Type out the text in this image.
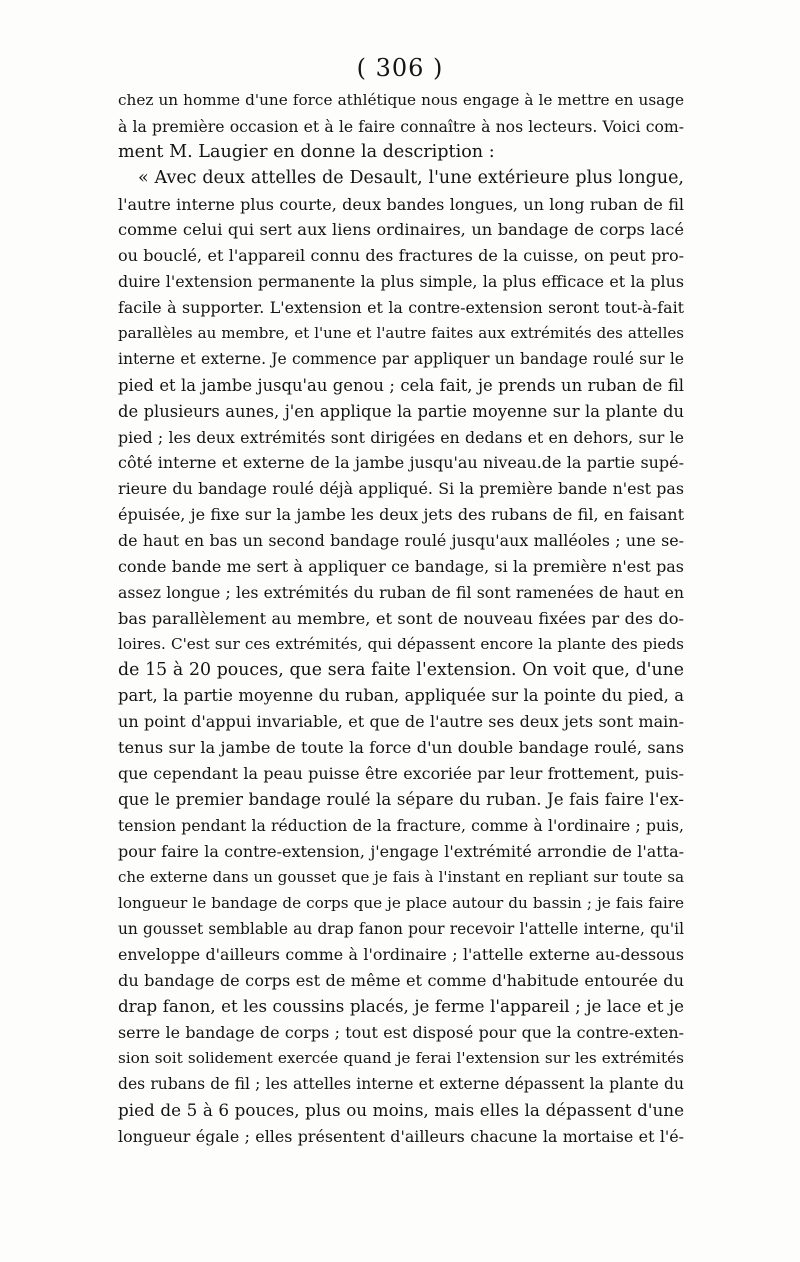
( 306 )
chez un homme d'une force athlétique nous engage à le mettre en usage
à la première occasion et à le faire connaître à nos lecteurs. Voici com-
ment M. Laugier en donne la description :
« Avec deux attelles de Desault, l'une extérieure plus longue,
l'autre interne plus courte, deux bandes longues, un long ruban de fil
comme celui qui sert aux liens ordinaires, un bandage de corps lacé
ou bouclé, et l'appareil connu des fractures de la cuisse, on peut pro-
duire l'extension permanente la plus simple, la plus efficace et la plus
facile à supporter. L'extension et la contre-extension seront tout-à-fait
parallèles au membre, et l'une et l'autre faites aux extrémités des attelles
interne et externe. Je commence par appliquer un bandage roulé sur le
pied et la jambe jusqu'au genou ; cela fait, je prends un ruban de fil
de plusieurs aunes, j'en applique la partie moyenne sur la plante du
pied ; les deux extrémités sont dirigées en dedans et en dehors, sur le
côté interne et externe de la jambe jusqu'au niveau.de la partie supé-
rieure du bandage roulé déjà appliqué. Si la première bande n'est pas
épuisée, je fixe sur la jambe les deux jets des rubans de fil, en faisant
de haut en bas un second bandage roulé jusqu'aux malléoles ; une se-
conde bande me sert à appliquer ce bandage, si la première n'est pas
assez longue ; les extrémités du ruban de fil sont ramenées de haut en
bas parallèlement au membre, et sont de nouveau fixées par des do-
loires. C'est sur ces extrémités, qui dépassent encore la plante des pieds
de 15 à 20 pouces, que sera faite l'extension. On voit que, d'une
part, la partie moyenne du ruban, appliquée sur la pointe du pied, a
un point d'appui invariable, et que de l'autre ses deux jets sont main-
tenus sur la jambe de toute la force d'un double bandage roulé, sans
que cependant la peau puisse être excoriée par leur frottement, puis-
que le premier bandage roulé la sépare du ruban. Je fais faire l'ex-
tension pendant la réduction de la fracture, comme à l'ordinaire ; puis,
pour faire la contre-extension, j'engage l'extrémité arrondie de l'atta-
che externe dans un gousset que je fais à l'instant en repliant sur toute sa
longueur le bandage de corps que je place autour du bassin ; je fais faire
un gousset semblable au drap fanon pour recevoir l'attelle interne, qu'il
enveloppe d'ailleurs comme à l'ordinaire ; l'attelle externe au-dessous
du bandage de corps est de même et comme d'habitude entourée du
drap fanon, et les coussins placés, je ferme l'appareil ; je lace et je
serre le bandage de corps ; tout est disposé pour que la contre-exten-
sion soit solidement exercée quand je ferai l'extension sur les extrémités
des rubans de fil ; les attelles interne et externe dépassent la plante du
pied de 5 à 6 pouces, plus ou moins, mais elles la dépassent d'une
longueur égale ; elles présentent d'ailleurs chacune la mortaise et l'é-
